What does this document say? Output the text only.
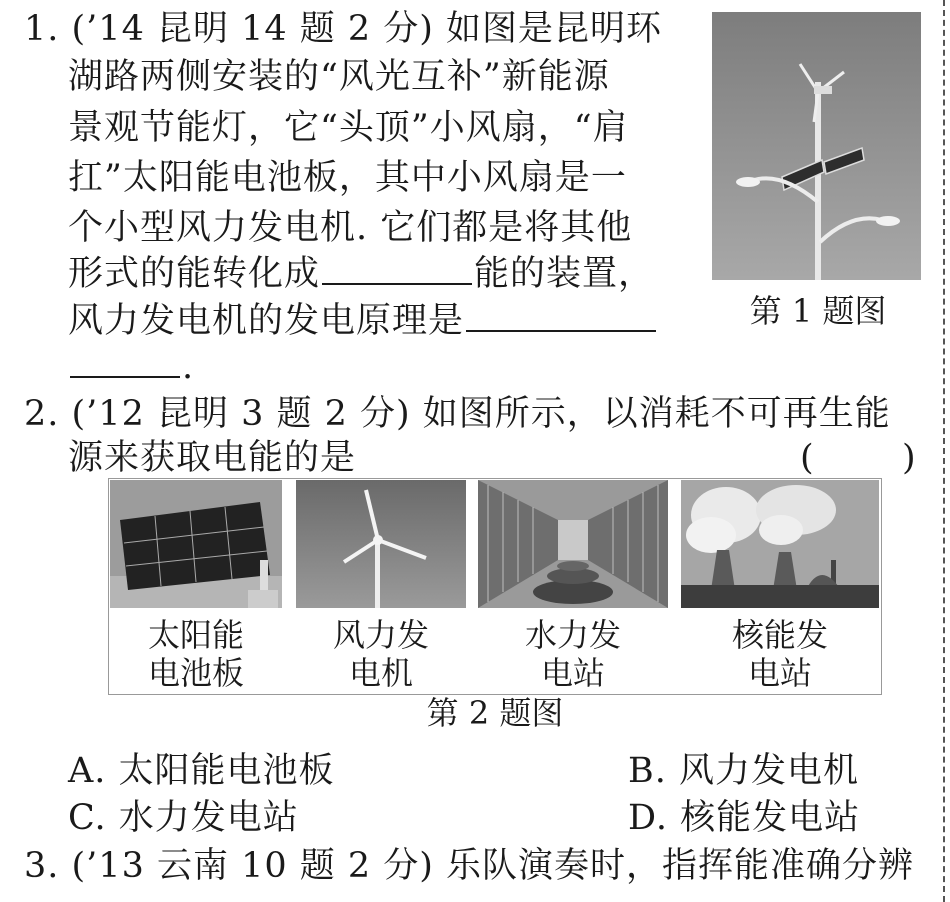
1. (’14 昆明 14 题 2 分) 如图是昆明环
湖路两侧安装的“风光互补”新能源
景观节能灯，它“头顶”小风扇，“肩
扛”太阳能电池板，其中小风扇是一
个小型风力发电机. 它们都是将其他
形式的能转化成	能的装置，
风力发电机的发电原理是
.
第 1 题图
2. (’12 昆明 3 题 2 分) 如图所示，以消耗不可再生能
源来获取电能的是	(	)
太阳能
电池板
风力发
电机
水力发
电站
核能发
电站
第 2 题图
A. 太阳能电池板	B. 风力发电机
C. 水力发电站	D. 核能发电站
3. (’13 云南 10 题 2 分) 乐队演奏时，指挥能准确分辨
